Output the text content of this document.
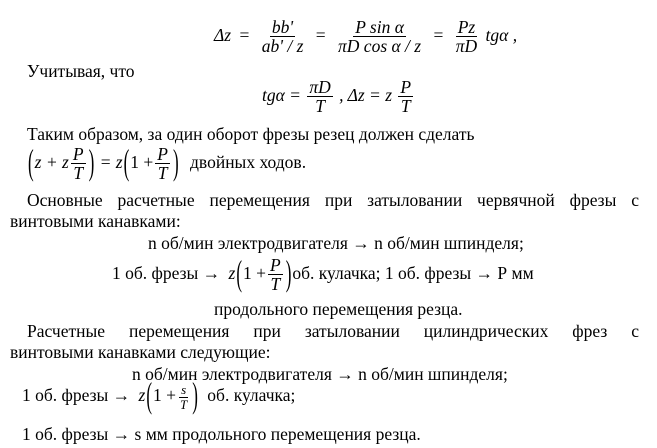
$\Delta z = \frac{bb'}{ab' / z} = \frac{\text{P sin α}}{\text{πD cos α / z}} = \frac{Pz}{\pi D}$ tgα ,
Учитывая, что
$tg\alpha = \frac{\pi D}{T}$ , Δz = z $\frac{P}{T}$
Таким образом, за один оборот фрезы резец должен сделать
(z + z $\frac{P}{T}$ ) = $z(1 + \frac{P}{T}$ ) двойных ходов.
Основные расчетные перемещения при затыловании червячной фрезы с
винтовыми канавками:
n об/мин электродвигателя → n об/мин шпинделя;
1 об. фрезы → $z(1 + \frac{P}{T} )об$. кулачка; 1 об. фрезы → Р мм
продольного перемещения резца.
Расчетные перемещения при затыловании цилиндрических фрез с
винтовыми канавками следующие:
n об/мин электродвигателя → n об/мин шпинделя;
1 об. фрезы → $z(1 + \frac{s}{T}$ ) об. кулачка;
1 об. фрезы → s мм продольного перемещения резца.
